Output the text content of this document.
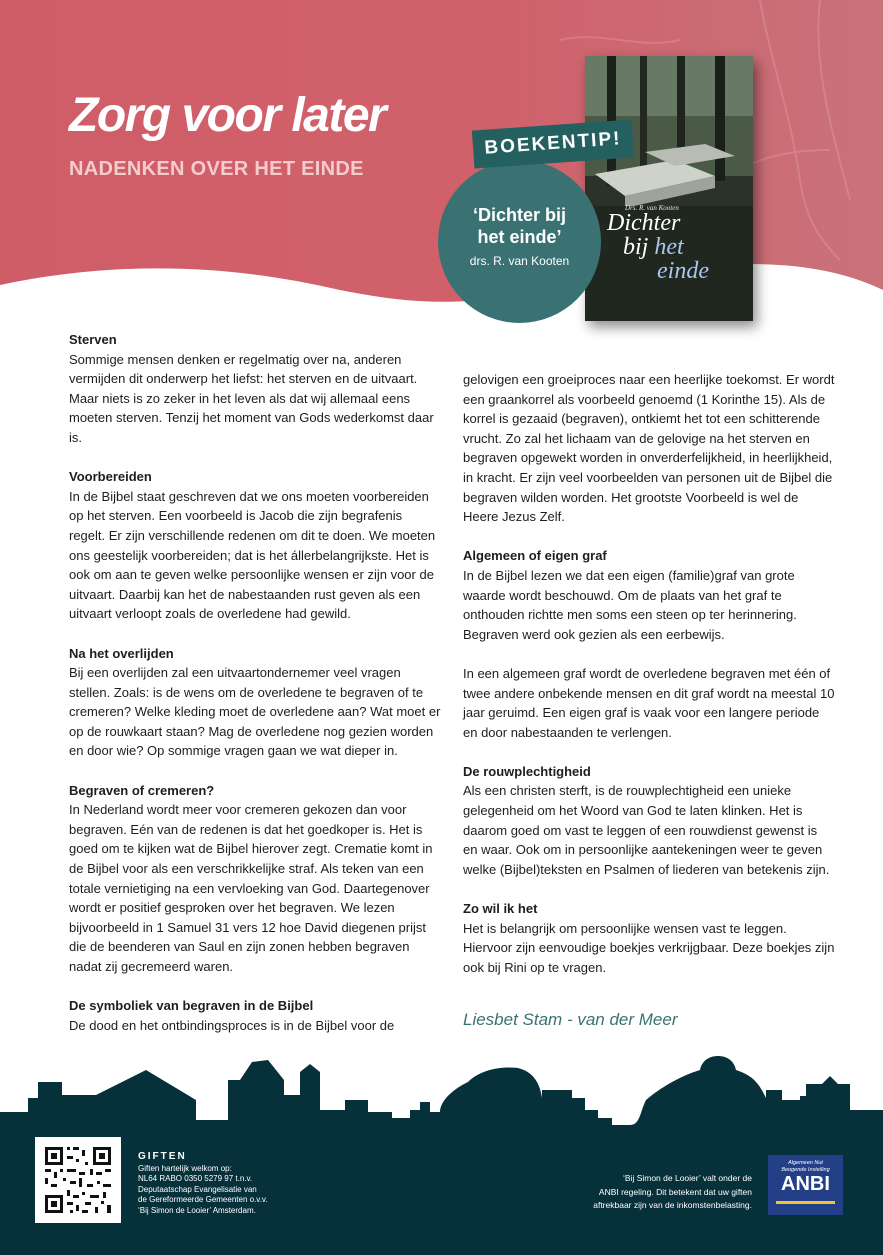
Zorg voor later
NADENKEN OVER HET EINDE
Drs. R. van Kooten
Dichter
bij het
einde
‘Dichter bij
het einde’
drs. R. van Kooten
BOEKENTIP!
Sterven

Sommige mensen denken er regelmatig over na, anderen vermijden dit onderwerp het liefst: het sterven en de uitvaart. Maar niets is zo zeker in het leven als dat wij allemaal eens moeten sterven. Tenzij het moment van Gods wederkomst daar is.

Voorbereiden

In de Bijbel staat geschreven dat we ons moeten voorbereiden op het sterven. Een voorbeeld is Jacob die zijn begrafenis regelt. Er zijn verschillende redenen om dit te doen. We moeten ons geestelijk voorbereiden; dat is het állerbelangrijkste. Het is ook om aan te geven welke persoonlijke wensen er zijn voor de uitvaart. Daarbij kan het de nabestaanden rust geven als een uitvaart verloopt zoals de overledene had gewild.

Na het overlijden

Bij een overlijden zal een uitvaartondernemer veel vragen stellen. Zoals: is de wens om de overledene te begraven of te cremeren? Welke kleding moet de overledene aan? Wat moet er op de rouwkaart staan? Mag de overledene nog gezien worden en door wie? Op sommige vragen gaan we wat dieper in.

Begraven of cremeren?

In Nederland wordt meer voor cremeren gekozen dan voor begraven. Eén van de redenen is dat het goedkoper is. Het is goed om te kijken wat de Bijbel hierover zegt. Crematie komt in de Bijbel voor als een verschrikkelijke straf. Als teken van een totale vernietiging na een vervloeking van God. Daartegenover wordt er positief gesproken over het begraven. We lezen bijvoorbeeld in 1 Samuel 31 vers 12 hoe David diegenen prijst die de beenderen van Saul en zijn zonen hebben begraven nadat zij gecremeerd waren.

De symboliek van begraven in de Bijbel

De dood en het ontbindingsproces is in de Bijbel voor de

gelovigen een groeiproces naar een heerlijke toekomst. Er wordt een graankorrel als voorbeeld genoemd (1 Korinthe 15). Als de korrel is gezaaid (begraven), ontkiemt het tot een schitterende vrucht. Zo zal het lichaam van de gelovige na het sterven en begraven opgewekt worden in onverderfelijkheid, in heerlijkheid, in kracht. Er zijn veel voorbeelden van personen uit de Bijbel die begraven wilden worden. Het grootste Voorbeeld is wel de Heere Jezus Zelf.

Algemeen of eigen graf

In de Bijbel lezen we dat een eigen (familie)graf van grote waarde wordt beschouwd. Om de plaats van het graf te onthouden richtte men soms een steen op ter herinnering. Begraven werd ook gezien als een eerbewijs.

In een algemeen graf wordt de overledene begraven met één of twee andere onbekende mensen en dit graf wordt na meestal 10 jaar geruimd. Een eigen graf is vaak voor een langere periode en door nabestaanden te verlengen.

De rouwplechtigheid

Als een christen sterft, is de rouwplechtigheid een unieke gelegenheid om het Woord van God te laten klinken. Het is daarom goed om vast te leggen of een rouwdienst gewenst is en waar. Ook om in persoonlijke aantekeningen weer te geven welke (Bijbel)teksten en Psalmen of liederen van betekenis zijn.

Zo wil ik het

Het is belangrijk om persoonlijke wensen vast te leggen. Hiervoor zijn eenvoudige boekjes verkrijgbaar. Deze boekjes zijn ook bij Rini op te vragen.

Liesbet Stam - van der Meer

GIFTEN

Giften hartelijk welkom op:

NL64 RABO 0350 5279 97 t.n.v.

Deputaatschap Evangelisatie van

de Gereformeerde Gemeenten o.v.v.

‘Bij Simon de Looier’ Amsterdam.

‘Bij Simon de Looier’ valt onder de

ANBI regeling. Dit betekent dat uw giften

aftrekbaar zijn van de inkomstenbelasting.

Algemeen Nut
Beogende Instelling
ANBI
